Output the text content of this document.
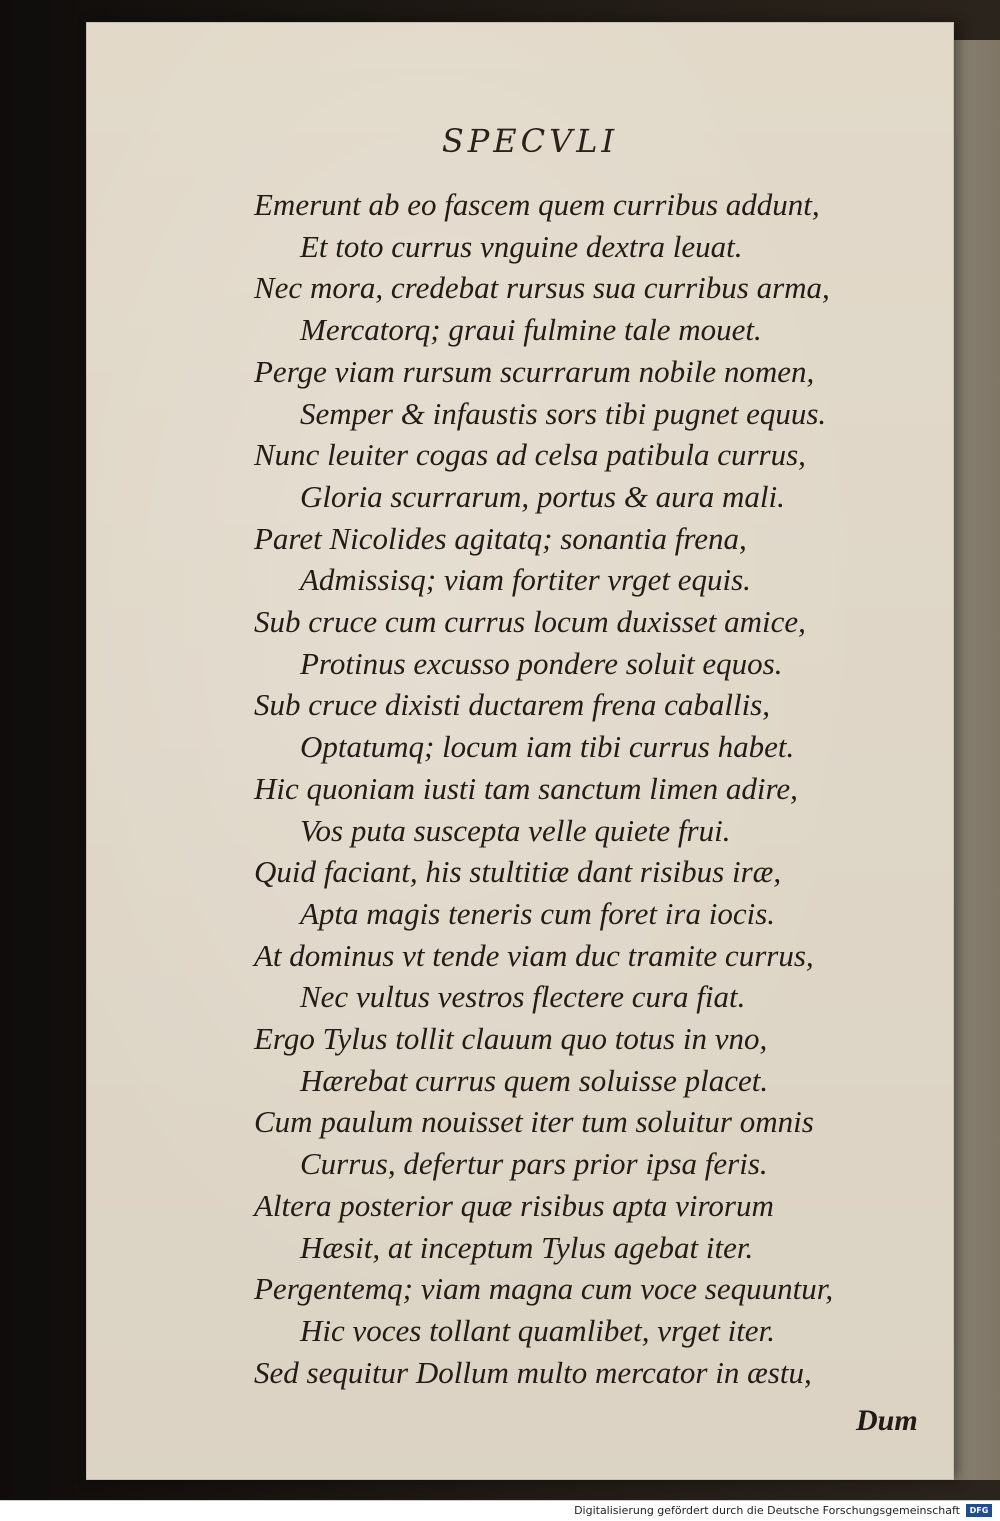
SPECVLI
Emerunt ab eo fascem quem curribus addunt,
Et toto currus vnguine dextra leuat.
Nec mora, credebat rursus sua curribus arma,
Mercatorq; graui fulmine tale mouet.
Perge viam rursum scurrarum nobile nomen,
Semper & infaustis sors tibi pugnet equus.
Nunc leuiter cogas ad celsa patibula currus,
Gloria scurrarum, portus & aura mali.
Paret Nicolides agitatq; sonantia frena,
Admissisq; viam fortiter vrget equis.
Sub cruce cum currus locum duxisset amice,
Protinus excusso pondere soluit equos.
Sub cruce dixisti ductarem frena caballis,
Optatumq; locum iam tibi currus habet.
Hic quoniam iusti tam sanctum limen adire,
Vos puta suscepta velle quiete frui.
Quid faciant, his stultitiæ dant risibus iræ,
Apta magis teneris cum foret ira iocis.
At dominus vt tende viam duc tramite currus,
Nec vultus vestros flectere cura fiat.
Ergo Tylus tollit clauum quo totus in vno,
Hærebat currus quem soluisse placet.
Cum paulum nouisset iter tum soluitur omnis
Currus, defertur pars prior ipsa feris.
Altera posterior quæ risibus apta virorum
Hæsit, at inceptum Tylus agebat iter.
Pergentemq; viam magna cum voce sequuntur,
Hic voces tollant quamlibet, vrget iter.
Sed sequitur Dollum multo mercator in æstu,
Dum
Digitalisierung gefördert durch die Deutsche Forschungsgemeinschaft	DFG
